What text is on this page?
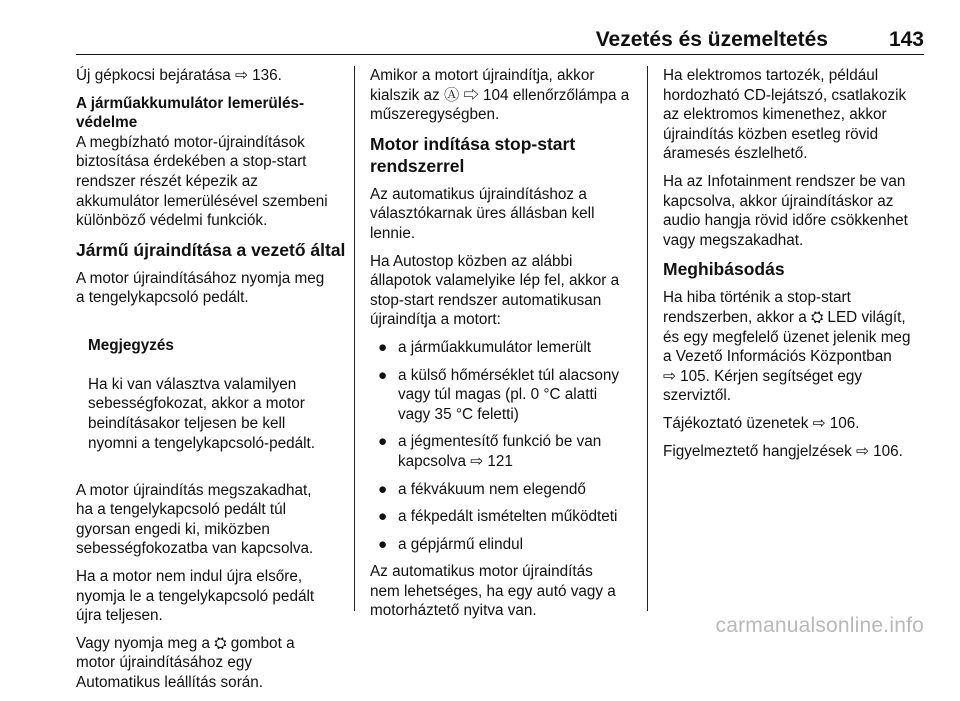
Vezetés és üzemeltetés	143

Új gépkocsi bejáratása ⇨ 136.

A járműakkumulátor lemerülés-
védelme

A megbízható motor-újraindítások
biztosítása érdekében a stop-start
rendszer részét képezik az
akkumulátor lemerülésével szembeni
különböző védelmi funkciók.

Jármű újraindítása a vezető által

A motor újraindításához nyomja meg
a tengelykapcsoló pedált.

Megjegyzés

Ha ki van választva valamilyen
sebességfokozat, akkor a motor
beindításakor teljesen be kell
nyomni a tengelykapcsoló-pedált.

A motor újraindítás megszakadhat,
ha a tengelykapcsoló pedált túl
gyorsan engedi ki, miközben
sebességfokozatba van kapcsolva.

Ha a motor nem indul újra elsőre,
nyomja le a tengelykapcsoló pedált
újra teljesen.

Vagy nyomja meg a ⛭ gombot a
motor újraindításához egy
Automatikus leállítás során.

Amikor a motort újraindítja, akkor
kialszik az Ⓐ ⇨ 104 ellenőrzőlámpa a
műszeregységben.

Motor indítása stop-start
rendszerrel

Az automatikus újraindításhoz a
választókarnak üres állásban kell
lennie.

Ha Autostop közben az alábbi
állapotok valamelyike lép fel, akkor a
stop-start rendszer automatikusan
újraindítja a motort:

● a járműakkumulátor lemerült
● a külső hőmérséklet túl alacsony
vagy túl magas (pl. 0 °C alatti
vagy 35 °C feletti)
● a jégmentesítő funkció be van
kapcsolva ⇨ 121
● a fékvákuum nem elegendő
● a fékpedált ismételten működteti
● a gépjármű elindul

Az automatikus motor újraindítás
nem lehetséges, ha egy autó vagy a
motorháztető nyitva van.

Ha elektromos tartozék, például
hordozható CD-lejátszó, csatlakozik
az elektromos kimenethez, akkor
újraindítás közben esetleg rövid
áramesés észlelhető.

Ha az Infotainment rendszer be van
kapcsolva, akkor újraindításkor az
audio hangja rövid időre csökkenhet
vagy megszakadhat.

Meghibásodás

Ha hiba történik a stop-start
rendszerben, akkor a ⛭ LED világít,
és egy megfelelő üzenet jelenik meg
a Vezető Információs Központban
⇨ 105. Kérjen segítséget egy
szerviztől.

Tájékoztató üzenetek ⇨ 106.

Figyelmeztető hangjelzések ⇨ 106.

carmanualsonline.info
